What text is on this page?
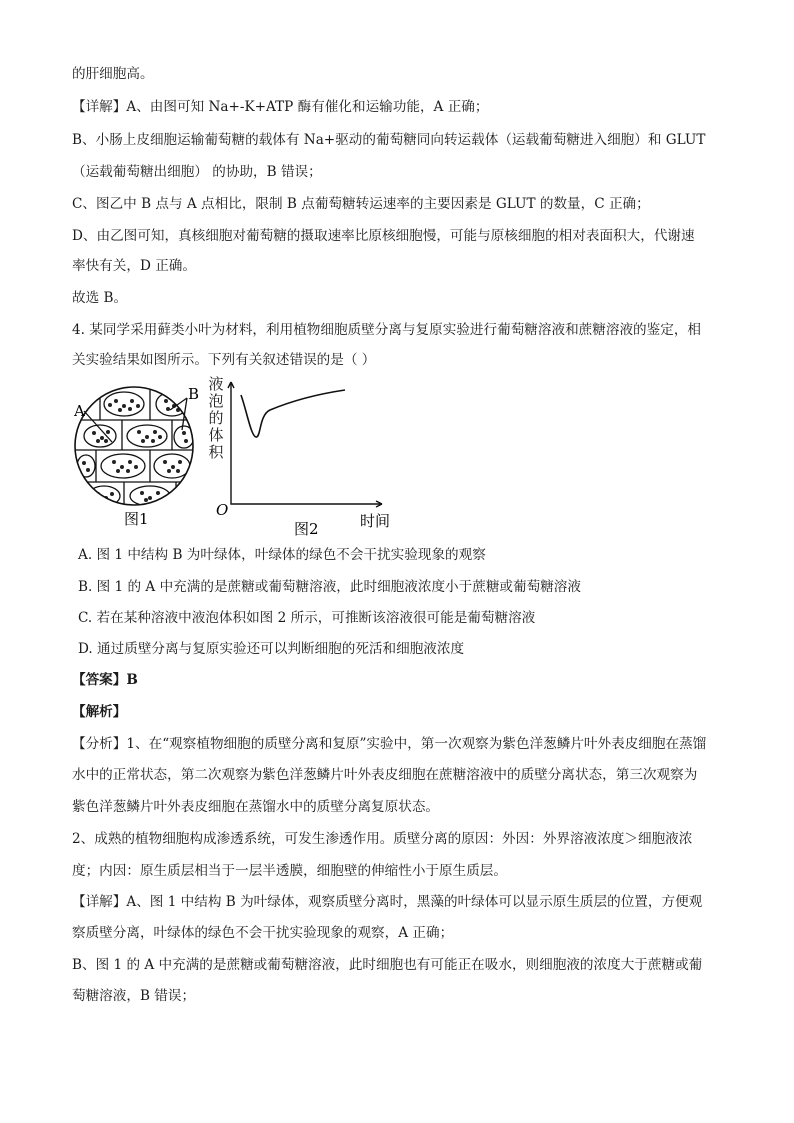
的肝细胞高。
【详解】A、由图可知 Na+-K+ATP 酶有催化和运输功能，A 正确；
B、小肠上皮细胞运输葡萄糖的载体有 Na+驱动的葡萄糖同向转运载体（运载葡萄糖进入细胞）和 GLUT
（运载葡萄糖出细胞） 的协助，B 错误；
C、图乙中 B 点与 A 点相比，限制 B 点葡萄糖转运速率的主要因素是 GLUT 的数量，C 正确；
D、由乙图可知，真核细胞对葡萄糖的摄取速率比原核细胞慢，可能与原核细胞的相对表面积大，代谢速
率快有关，D 正确。
故选 B。
4. 某同学采用藓类小叶为材料，利用植物细胞质壁分离与复原实验进行葡萄糖溶液和蔗糖溶液的鉴定，相
关实验结果如图所示。下列有关叙述错误的是（ ）
A
B
图1	O
图2	时间
液
泡
的
体
积
A. 图 1 中结构 B 为叶绿体，叶绿体的绿色不会干扰实验现象的观察
B. 图 1 的 A 中充满的是蔗糖或葡萄糖溶液，此时细胞液浓度小于蔗糖或葡萄糖溶液
C. 若在某种溶液中液泡体积如图 2 所示，可推断该溶液很可能是葡萄糖溶液
D. 通过质壁分离与复原实验还可以判断细胞的死活和细胞液浓度
【答案】B
【解析】
【分析】1、在“观察植物细胞的质壁分离和复原”实验中，第一次观察为紫色洋葱鳞片叶外表皮细胞在蒸馏
水中的正常状态，第二次观察为紫色洋葱鳞片叶外表皮细胞在蔗糖溶液中的质壁分离状态，第三次观察为
紫色洋葱鳞片叶外表皮细胞在蒸馏水中的质壁分离复原状态。
2、成熟的植物细胞构成渗透系统，可发生渗透作用。质壁分离的原因：外因：外界溶液浓度＞细胞液浓
度；内因：原生质层相当于一层半透膜，细胞壁的伸缩性小于原生质层。
【详解】A、图 1 中结构 B 为叶绿体，观察质壁分离时，黑藻的叶绿体可以显示原生质层的位置，方便观
察质壁分离，叶绿体的绿色不会干扰实验现象的观察，A 正确；
B、图 1 的 A 中充满的是蔗糖或葡萄糖溶液，此时细胞也有可能正在吸水，则细胞液的浓度大于蔗糖或葡
萄糖溶液，B 错误；
